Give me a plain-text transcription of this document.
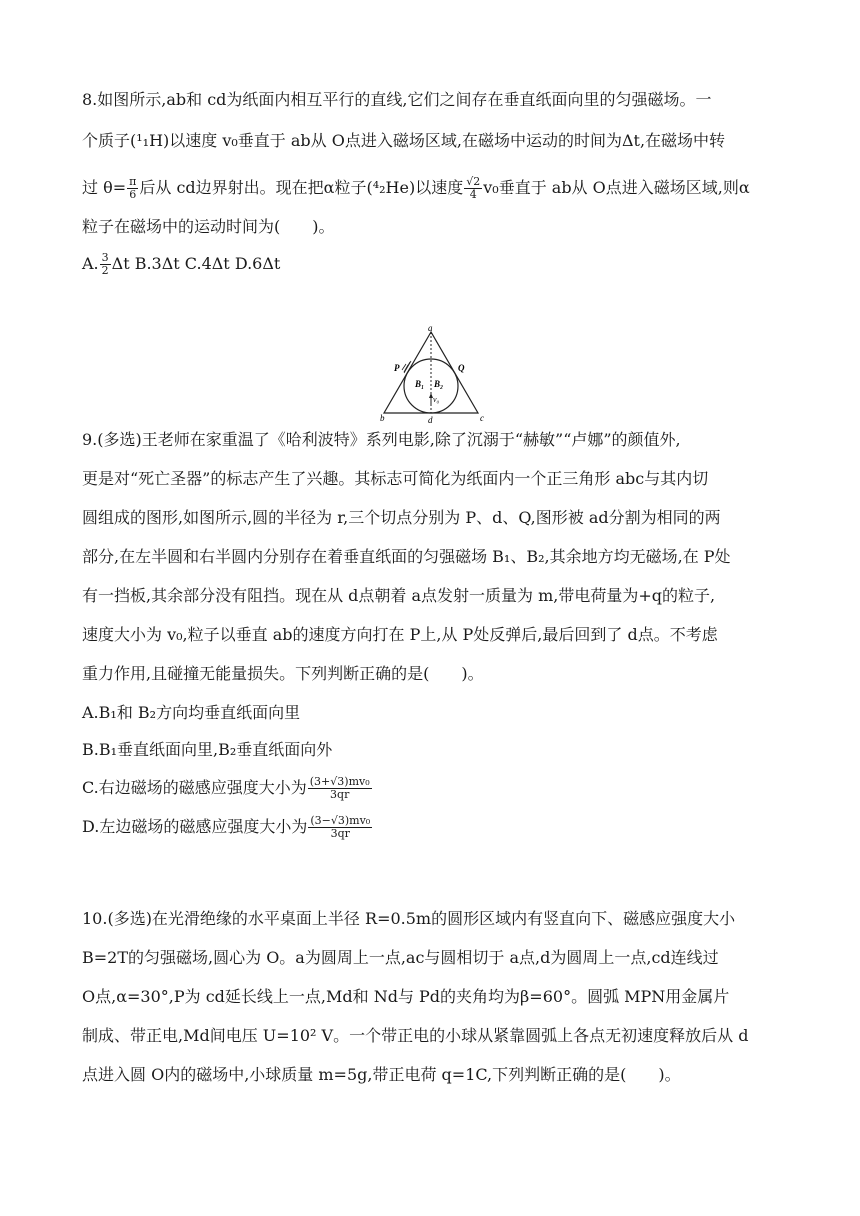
8.如图所示,ab和 cd为纸面内相互平行的直线,它们之间存在垂直纸面向里的匀强磁场。一
个质子(¹₁H)以速度 v₀垂直于 ab从 O点进入磁场区域,在磁场中运动的时间为Δt,在磁场中转
过 $\theta= \frac{\pi}{6}$ 后从 cd边界射出。现在把α粒子(⁴₂He)以速度 $\frac{√2}{4} v_0$垂直于 ab从 O点进入磁场区域,则α
粒子在磁场中的运动时间为(　　)。
A. $\frac{3}{2}$ Δt B.3Δt C.4Δt D.6Δt
a
b	c
d
P	Q
B₁ B₂
v₀
9.(多选)王老师在家重温了《哈利波特》系列电影,除了沉溺于“赫敏”“卢娜”的颜值外,
更是对“死亡圣器”的标志产生了兴趣。其标志可简化为纸面内一个正三角形 abc与其内切
圆组成的图形,如图所示,圆的半径为 r,三个切点分别为 P、d、Q,图形被 ad分割为相同的两
部分,在左半圆和右半圆内分别存在着垂直纸面的匀强磁场 B₁、B₂,其余地方均无磁场,在 P处
有一挡板,其余部分没有阻挡。现在从 d点朝着 a点发射一质量为 m,带电荷量为+q的粒子,
速度大小为 v₀,粒子以垂直 ab的速度方向打在 P上,从 P处反弹后,最后回到了 d点。不考虑
重力作用,且碰撞无能量损失。下列判断正确的是(　　)。
A.B₁和 B₂方向均垂直纸面向里
B.B₁垂直纸面向里,B₂垂直纸面向外
C.右边磁场的磁感应强度大小为 $\frac{\text{(3+√3)mv₀}}{3qr}$
D.左边磁场的磁感应强度大小为 $\frac{\text{(3−√3)mv₀}}{3qr}$
10.(多选)在光滑绝缘的水平桌面上半径 R=0.5m的圆形区域内有竖直向下、磁感应强度大小
B=2T的匀强磁场,圆心为 O。a为圆周上一点,ac与圆相切于 a点,d为圆周上一点,cd连线过
O点,α=30°,P为 cd延长线上一点,Md和 Nd与 Pd的夹角均为β=60°。圆弧 MPN用金属片
制成、带正电,Md间电压 U=10² V。一个带正电的小球从紧靠圆弧上各点无初速度释放后从 d
点进入圆 O内的磁场中,小球质量 m=5g,带正电荷 q=1C,下列判断正确的是(　　)。
